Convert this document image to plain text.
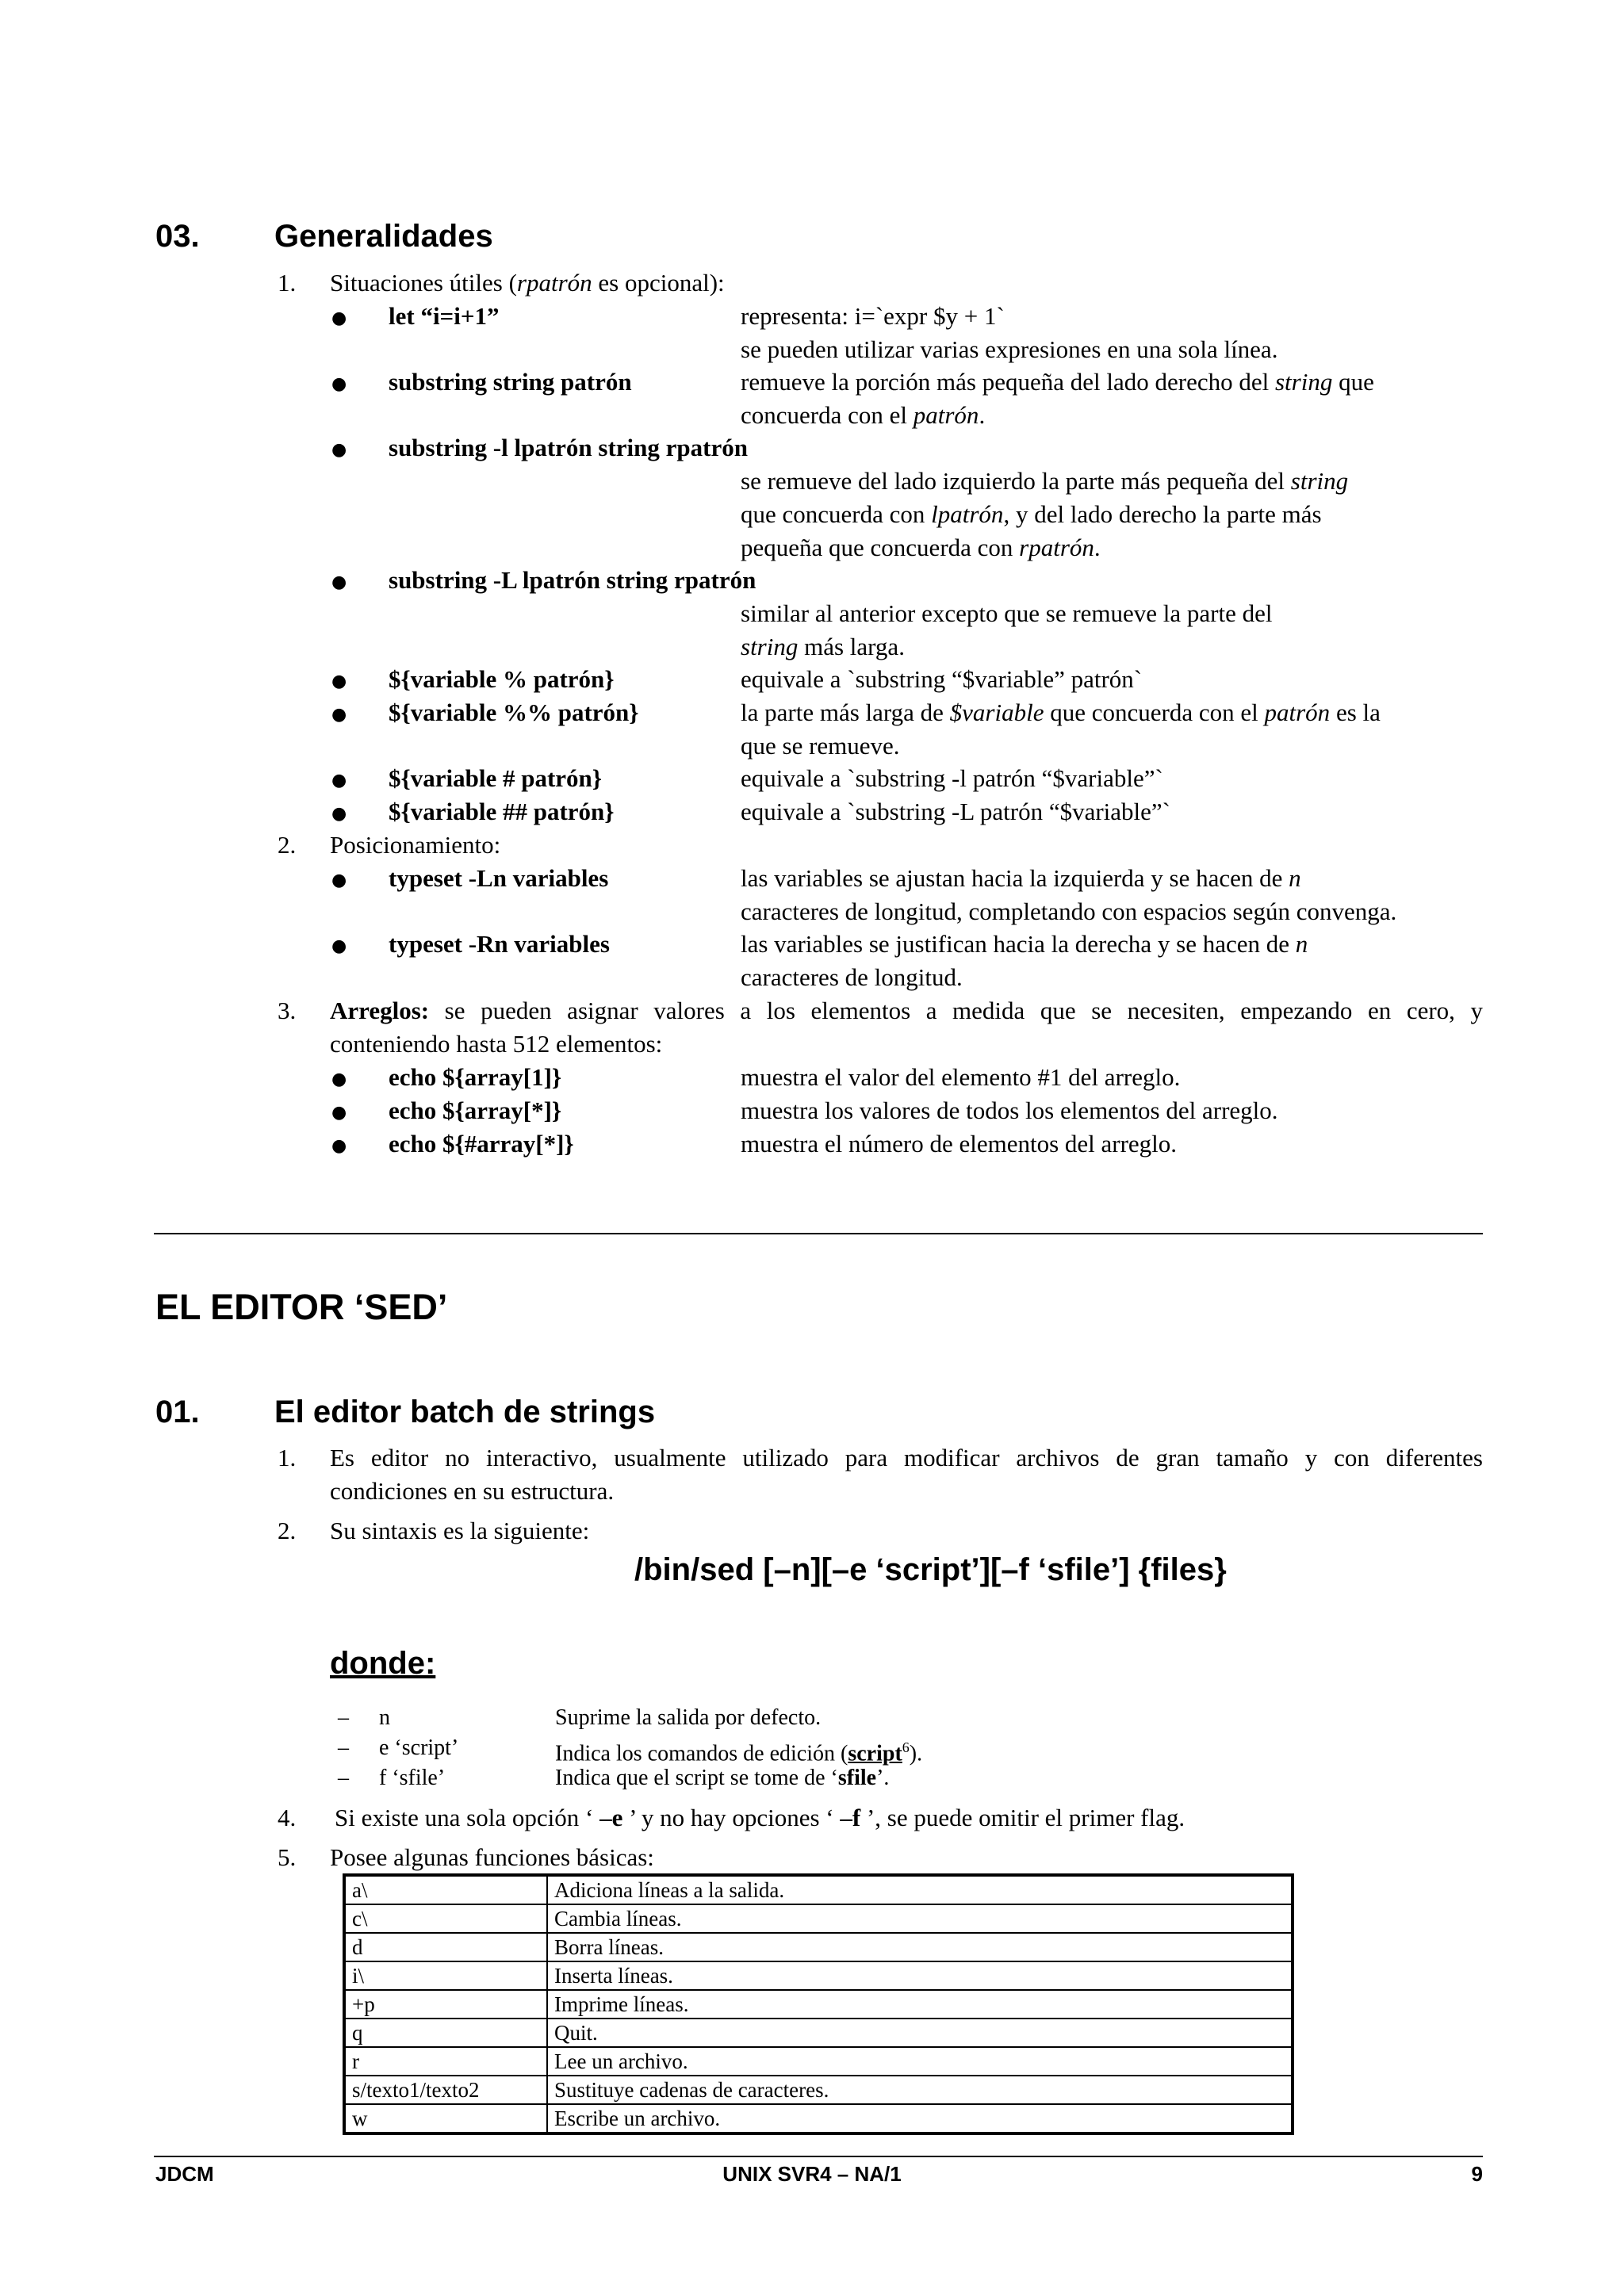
03. Generalidades
1. Situaciones útiles (rpatrón es opcional):
● let “i=i+1”	representa: i=`expr $y + 1`
se pueden utilizar varias expresiones en una sola línea.
● substring string patrón	remueve la porción más pequeña del lado derecho del string que
concuerda con el patrón.
● substring -l lpatrón string rpatrón
se remueve del lado izquierdo la parte más pequeña del string
que concuerda con lpatrón, y del lado derecho la parte más
pequeña que concuerda con rpatrón.
● substring -L lpatrón string rpatrón
similar al anterior excepto que se remueve la parte del
string más larga.
● ${variable % patrón}	equivale a `substring “$variable” patrón`
● ${variable %% patrón}	la parte más larga de $variable que concuerda con el patrón es la
que se remueve.
● ${variable # patrón}	equivale a `substring -l patrón “$variable”`
● ${variable ## patrón}	equivale a `substring -L patrón “$variable”`
2. Posicionamiento:
● typeset -Ln variables	las variables se ajustan hacia la izquierda y se hacen de n
caracteres de longitud, completando con espacios según convenga.
● typeset -Rn variables	las variables se justifican hacia la derecha y se hacen de n
caracteres de longitud.
3. Arreglos: se pueden asignar valores a los elementos a medida que se necesiten, empezando en cero, y
conteniendo hasta 512 elementos:
● echo ${array[1]}	muestra el valor del elemento #1 del arreglo.
● echo ${array[*]}	muestra los valores de todos los elementos del arreglo.
● echo ${#array[*]}	muestra el número de elementos del arreglo.
EL EDITOR ‘SED’
01. El editor batch de strings
1. Es editor no interactivo, usualmente utilizado para modificar archivos de gran tamaño y con diferentes
condiciones en su estructura.
2. Su sintaxis es la siguiente:
/bin/sed [–n][–e ‘script’][–f ‘sfile’] {files}
donde:
– n	Suprime la salida por defecto.
– e ‘script’	Indica los comandos de edición (script$^6$).
– f ‘sfile’	Indica que el script se tome de ‘sfile’.
4. Si existe una sola opción ‘ –e ’ y no hay opciones ‘ –f ’, se puede omitir el primer flag.
5. Posee algunas funciones básicas:
a\	Adiciona líneas a la salida.
c\	Cambia líneas.
d	Borra líneas.
i\	Inserta líneas.
+p	Imprime líneas.
q	Quit.
r	Lee un archivo.
s/texto1/texto2	Sustituye cadenas de caracteres.
w	Escribe un archivo.
JDCM	UNIX SVR4 – NA/1	9
